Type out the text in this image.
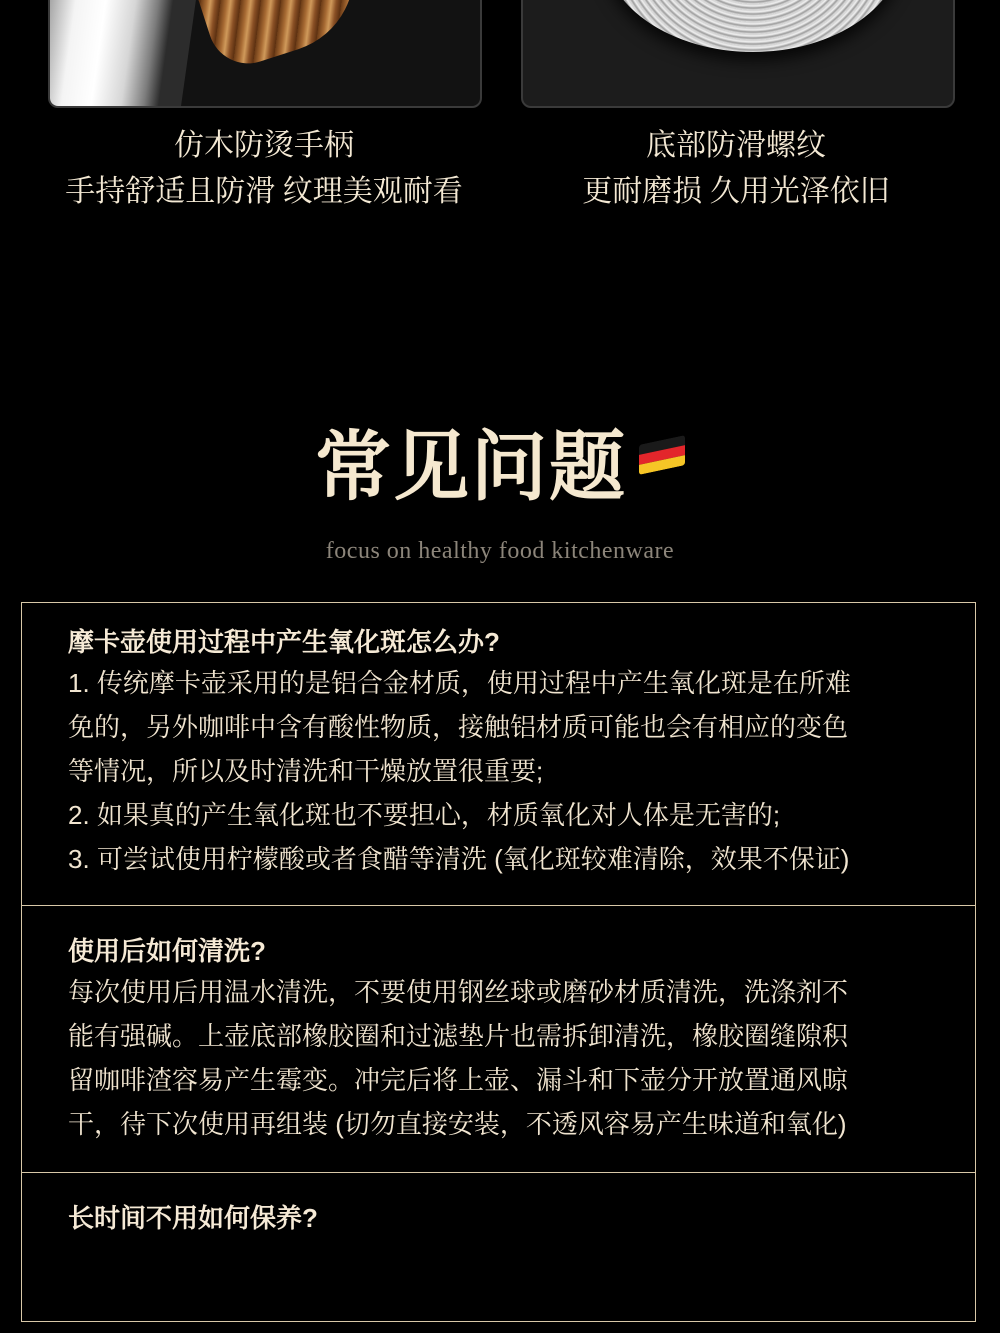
仿木防烫手柄
手持舒适且防滑 纹理美观耐看
底部防滑螺纹
更耐磨损 久用光泽依旧
常见问题
focus on healthy food kitchenware
摩卡壶使用过程中产生氧化斑怎么办?
1. 传统摩卡壶采用的是铝合金材质，使用过程中产生氧化斑是在所难
免的，另外咖啡中含有酸性物质，接触铝材质可能也会有相应的变色
等情况，所以及时清洗和干燥放置很重要;
2. 如果真的产生氧化斑也不要担心，材质氧化对人体是无害的;
3. 可尝试使用柠檬酸或者食醋等清洗 (氧化斑较难清除，效果不保证)
使用后如何清洗?
每次使用后用温水清洗，不要使用钢丝球或磨砂材质清洗，洗涤剂不
能有强碱。上壶底部橡胶圈和过滤垫片也需拆卸清洗，橡胶圈缝隙积
留咖啡渣容易产生霉变。冲完后将上壶、漏斗和下壶分开放置通风晾
干，待下次使用再组装 (切勿直接安装，不透风容易产生味道和氧化)
长时间不用如何保养?
